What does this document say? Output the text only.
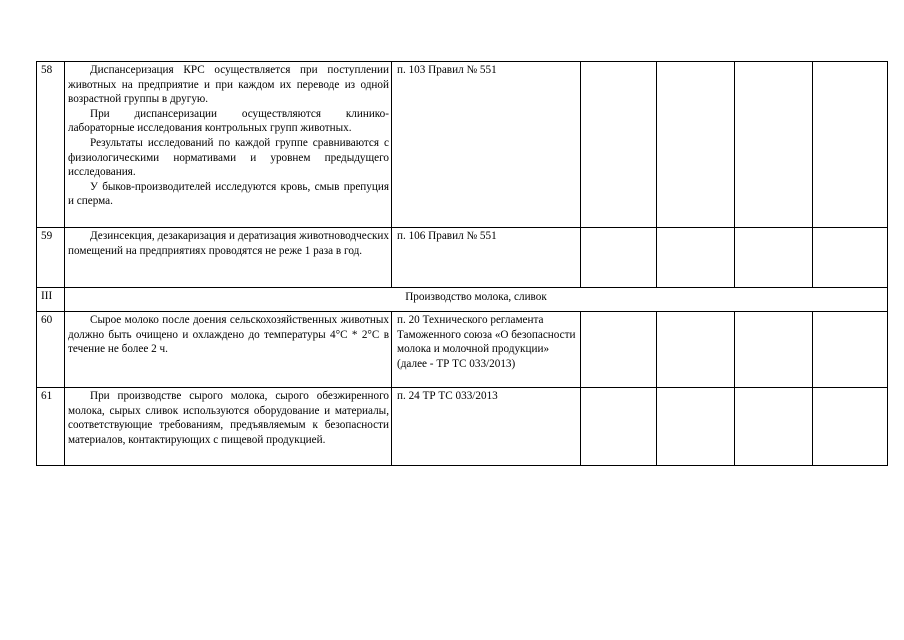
58	Диспансеризация КРС осуществляется при поступлении животных на предприятие и при каждом их переводе из одной возрастной группы в другую.

При диспансеризации осуществляются клинико-лабораторные исследования контрольных групп животных.

Результаты исследований по каждой группе сравниваются с физиологическими нормативами и уровнем предыдущего исследования.

У быков-производителей исследуются кровь, смыв препуция и сперма.	п. 103 Правил № 551				
59	Дезинсекция, дезакаризация и дератизация животноводческих помещений на предприятиях проводятся не реже 1 раза в год.	п. 106 Правил № 551				
III	Производство молока, сливок					
60	Сырое молоко после доения сельскохозяйственных животных должно быть очищено и охлаждено до температуры 4°С * 2°С в течение не более 2 ч.	п. 20 Технического регламента Таможенного союза «О безопасности молока и молочной продукции» (далее - ТР ТС 033/2013)				
61	При производстве сырого молока, сырого обезжиренного молока, сырых сливок используются оборудование и материалы, соответствующие требованиям, предъявляемым к безопасности материалов, контактирующих с пищевой продукцией.	п. 24 ТР ТС 033/2013				
